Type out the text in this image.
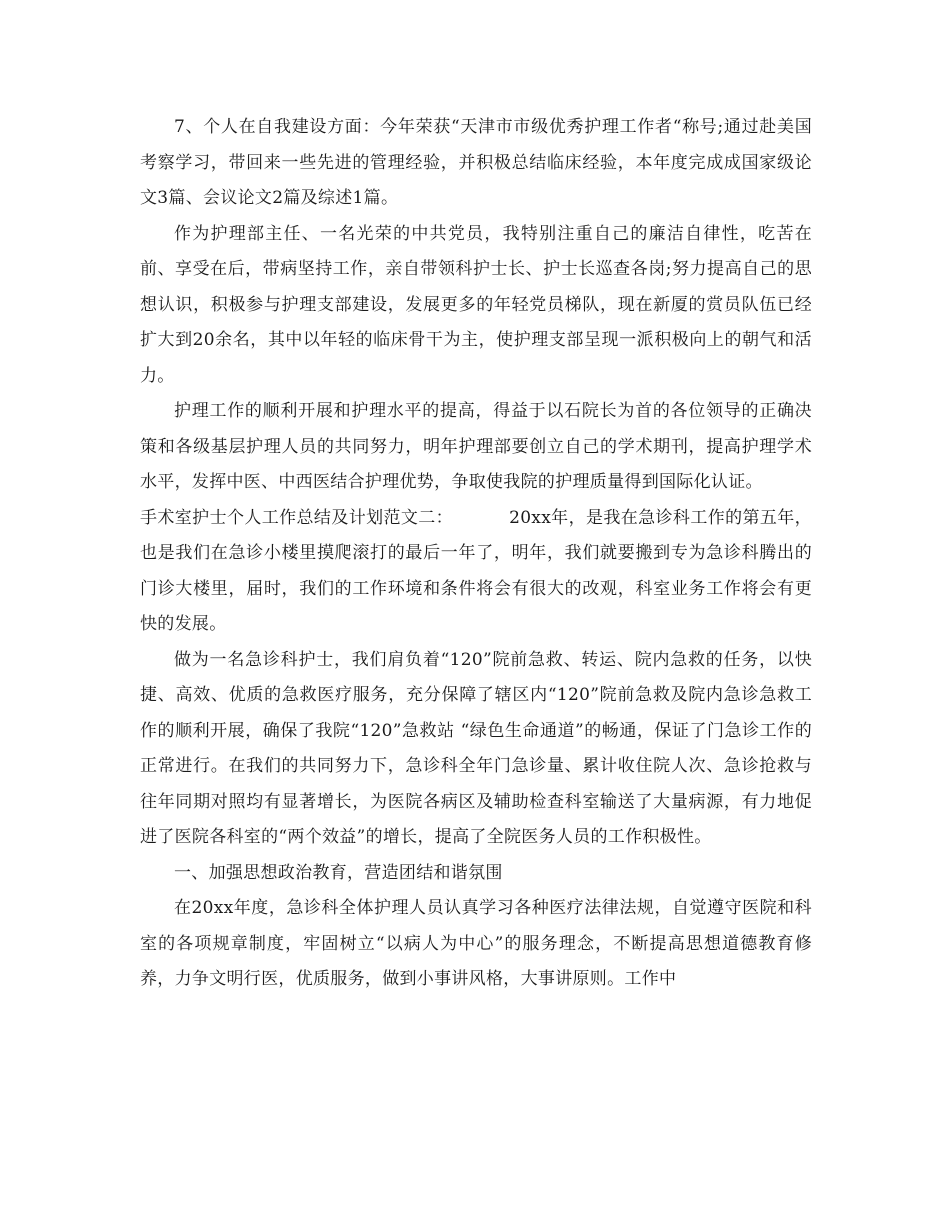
7、个人在自我建设方面：今年荣获“天津市市级优秀护理工作者“称号;通过赴美国考察学习，带回来一些先进的管理经验，并积极总结临床经验，本年度完成成国家级论文3篇、会议论文2篇及综述1篇。

作为护理部主任、一名光荣的中共党员，我特别注重自己的廉洁自律性，吃苦在前、享受在后，带病坚持工作，亲自带领科护士长、护士长巡查各岗;努力提高自己的思想认识，积极参与护理支部建设，发展更多的年轻党员梯队，现在新厦的赏员队伍已经扩大到20余名，其中以年轻的临床骨干为主，使护理支部呈现一派积极向上的朝气和活力。

护理工作的顺利开展和护理水平的提高，得益于以石院长为首的各位领导的正确决策和各级基层护理人员的共同努力，明年护理部要创立自己的学术期刊，提高护理学术水平，发挥中医、中西医结合护理优势，争取使我院的护理质量得到国际化认证。

手术室护士个人工作总结及计划范文二：	20xx年，是我在急诊科工作的第五年，也是我们在急诊小楼里摸爬滚打的最后一年了，明年，我们就要搬到专为急诊科腾出的门诊大楼里，届时，我们的工作环境和条件将会有很大的改观，科室业务工作将会有更快的发展。

做为一名急诊科护士，我们肩负着“120”院前急救、转运、院内急救的任务，以快捷、高效、优质的急救医疗服务，充分保障了辖区内“120”院前急救及院内急诊急救工作的顺利开展，确保了我院“120”急救站 “绿色生命通道”的畅通，保证了门急诊工作的正常进行。在我们的共同努力下，急诊科全年门急诊量、累计收住院人次、急诊抢救与往年同期对照均有显著增长，为医院各病区及辅助检查科室输送了大量病源，有力地促进了医院各科室的“两个效益”的增长，提高了全院医务人员的工作积极性。

一、加强思想政治教育，营造团结和谐氛围

在20xx年度，急诊科全体护理人员认真学习各种医疗法律法规，自觉遵守医院和科室的各项规章制度，牢固树立“以病人为中心”的服务理念，不断提高思想道德教育修养，力争文明行医，优质服务，做到小事讲风格，大事讲原则。工作中
